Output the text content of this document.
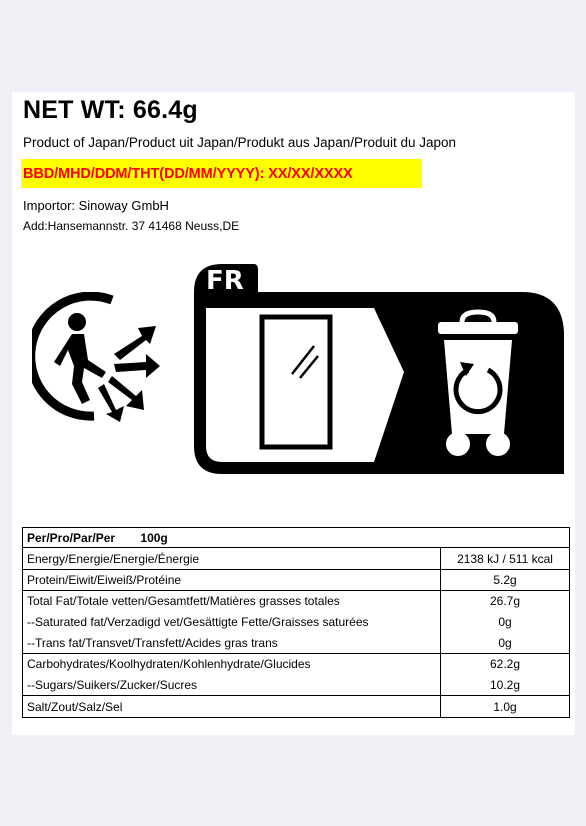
NET WT: 66.4g
Product of Japan/Product uit Japan/Produkt aus Japan/Produit du Japon
BBD/MHD/DDM/THT(DD/MM/YYYY): XX/XX/XXXX
Importor: Sinoway GmbH
Add:Hansemannstr. 37 41468 Neuss,DE
FR
Per/Pro/Par/Per 100g	
Energy/Energie/Energie/Énergie	2138 kJ / 511 kcal
Protein/Eiwit/Eiweiß/Protéine	5.2g
Total Fat/Totale vetten/Gesamtfett/Matières grasses totales	26.7g
--Saturated fat/Verzadigd vet/Gesättigte Fette/Graisses saturées	0g
--Trans fat/Transvet/Transfett/Acides gras trans	0g
Carbohydrates/Koolhydraten/Kohlenhydrate/Glucides	62.2g
--Sugars/Suikers/Zucker/Sucres	10.2g
Salt/Zout/Salz/Sel	1.0g
